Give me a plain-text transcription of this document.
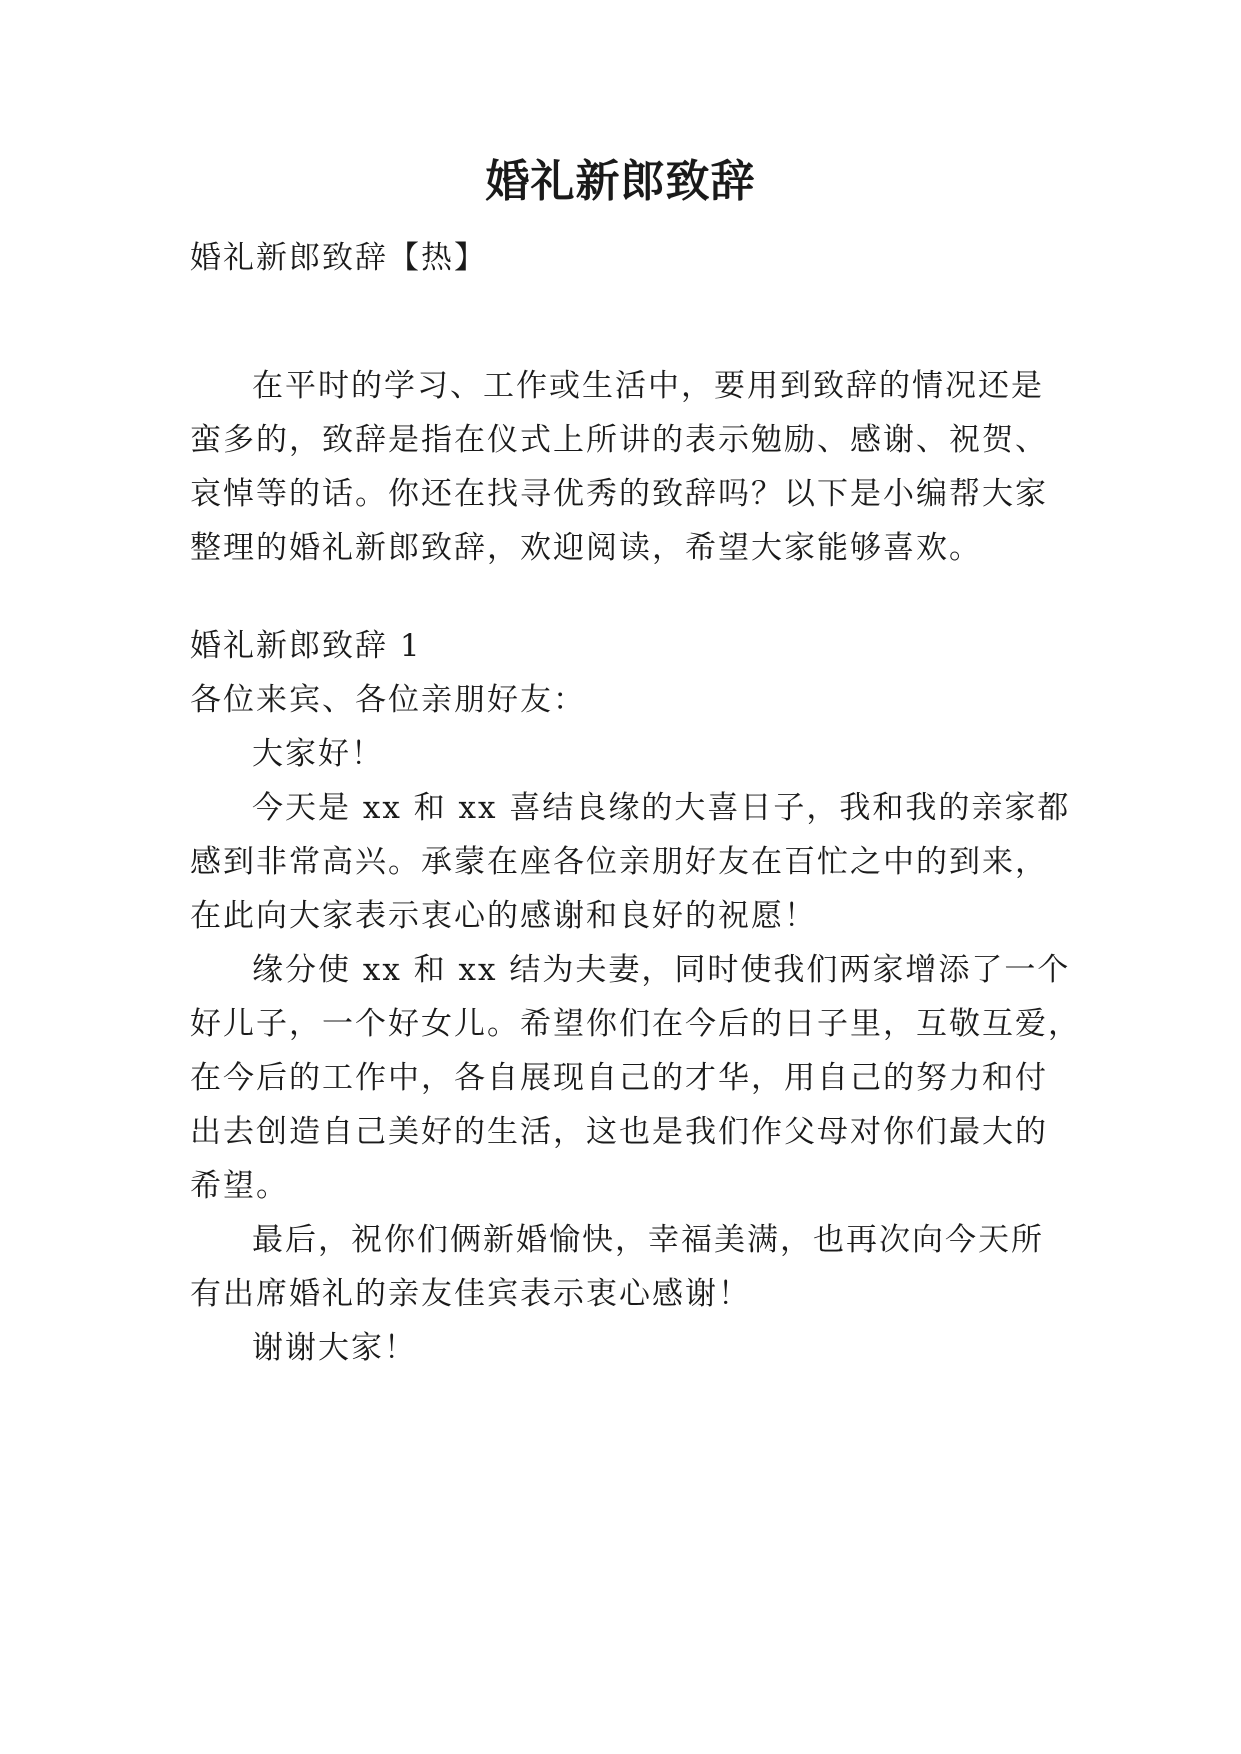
婚礼新郎致辞
婚礼新郎致辞【热】
在平时的学习、工作或生活中，要用到致辞的情况还是
蛮多的，致辞是指在仪式上所讲的表示勉励、感谢、祝贺、
哀悼等的话。你还在找寻优秀的致辞吗？以下是小编帮大家
整理的婚礼新郎致辞，欢迎阅读，希望大家能够喜欢。
婚礼新郎致辞 1
各位来宾、各位亲朋好友：
大家好！
今天是 xx 和 xx 喜结良缘的大喜日子，我和我的亲家都
感到非常高兴。承蒙在座各位亲朋好友在百忙之中的到来，
在此向大家表示衷心的感谢和良好的祝愿！
缘分使 xx 和 xx 结为夫妻，同时使我们两家增添了一个
好儿子，一个好女儿。希望你们在今后的日子里，互敬互爱，
在今后的工作中，各自展现自己的才华，用自己的努力和付
出去创造自己美好的生活，这也是我们作父母对你们最大的
希望。
最后，祝你们俩新婚愉快，幸福美满，也再次向今天所
有出席婚礼的亲友佳宾表示衷心感谢！
谢谢大家！
